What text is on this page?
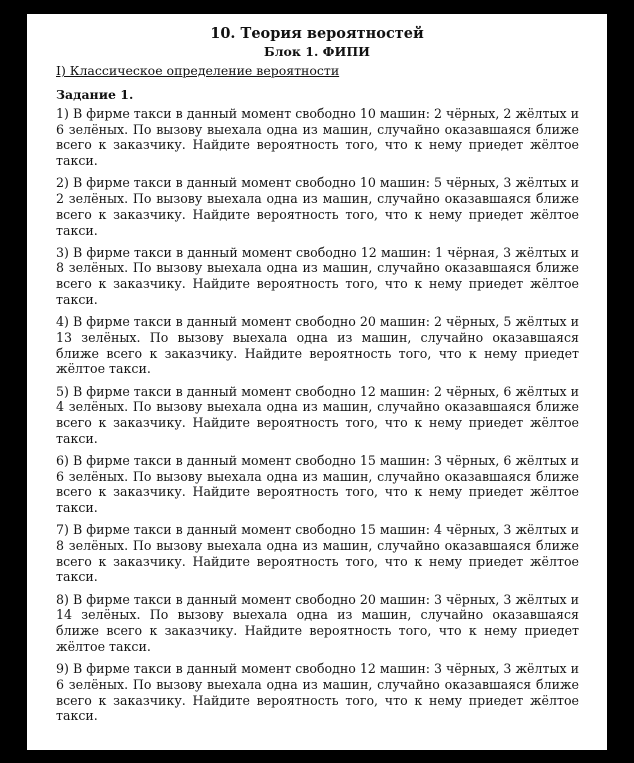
10. Теория вероятностей
Блок 1. ФИПИ

I) Классическое определение вероятности

Задание 1.

1) В фирме такси в данный момент свободно 10 машин: 2 чёрных, 2 жёлтых и 6 зелёных. По вызову выехала одна из машин, случайно оказавшаяся ближе всего к заказчику. Найдите вероятность того, что к нему приедет жёлтое такси.
2) В фирме такси в данный момент свободно 10 машин: 5 чёрных, 3 жёлтых и 2 зелёных. По вызову выехала одна из машин, случайно оказавшаяся ближе всего к заказчику. Найдите вероятность того, что к нему приедет жёлтое такси.
3) В фирме такси в данный момент свободно 12 машин: 1 чёрная, 3 жёлтых и 8 зелёных. По вызову выехала одна из машин, случайно оказавшаяся ближе всего к заказчику. Найдите вероятность того, что к нему приедет жёлтое такси.
4) В фирме такси в данный момент свободно 20 машин: 2 чёрных, 5 жёлтых и 13 зелёных. По вызову выехала одна из машин, случайно оказавшаяся ближе всего к заказчику. Найдите вероятность того, что к нему приедет жёлтое такси.
5) В фирме такси в данный момент свободно 12 машин: 2 чёрных, 6 жёлтых и 4 зелёных. По вызову выехала одна из машин, случайно оказавшаяся ближе всего к заказчику. Найдите вероятность того, что к нему приедет жёлтое такси.
6) В фирме такси в данный момент свободно 15 машин: 3 чёрных, 6 жёлтых и 6 зелёных. По вызову выехала одна из машин, случайно оказавшаяся ближе всего к заказчику. Найдите вероятность того, что к нему приедет жёлтое такси.
7) В фирме такси в данный момент свободно 15 машин: 4 чёрных, 3 жёлтых и 8 зелёных. По вызову выехала одна из машин, случайно оказавшаяся ближе всего к заказчику. Найдите вероятность того, что к нему приедет жёлтое такси.
8) В фирме такси в данный момент свободно 20 машин: 3 чёрных, 3 жёлтых и 14 зелёных. По вызову выехала одна из машин, случайно оказавшаяся ближе всего к заказчику. Найдите вероятность того, что к нему приедет жёлтое такси.
9) В фирме такси в данный момент свободно 12 машин: 3 чёрных, 3 жёлтых и 6 зелёных. По вызову выехала одна из машин, случайно оказавшаяся ближе всего к заказчику. Найдите вероятность того, что к нему приедет жёлтое такси.
